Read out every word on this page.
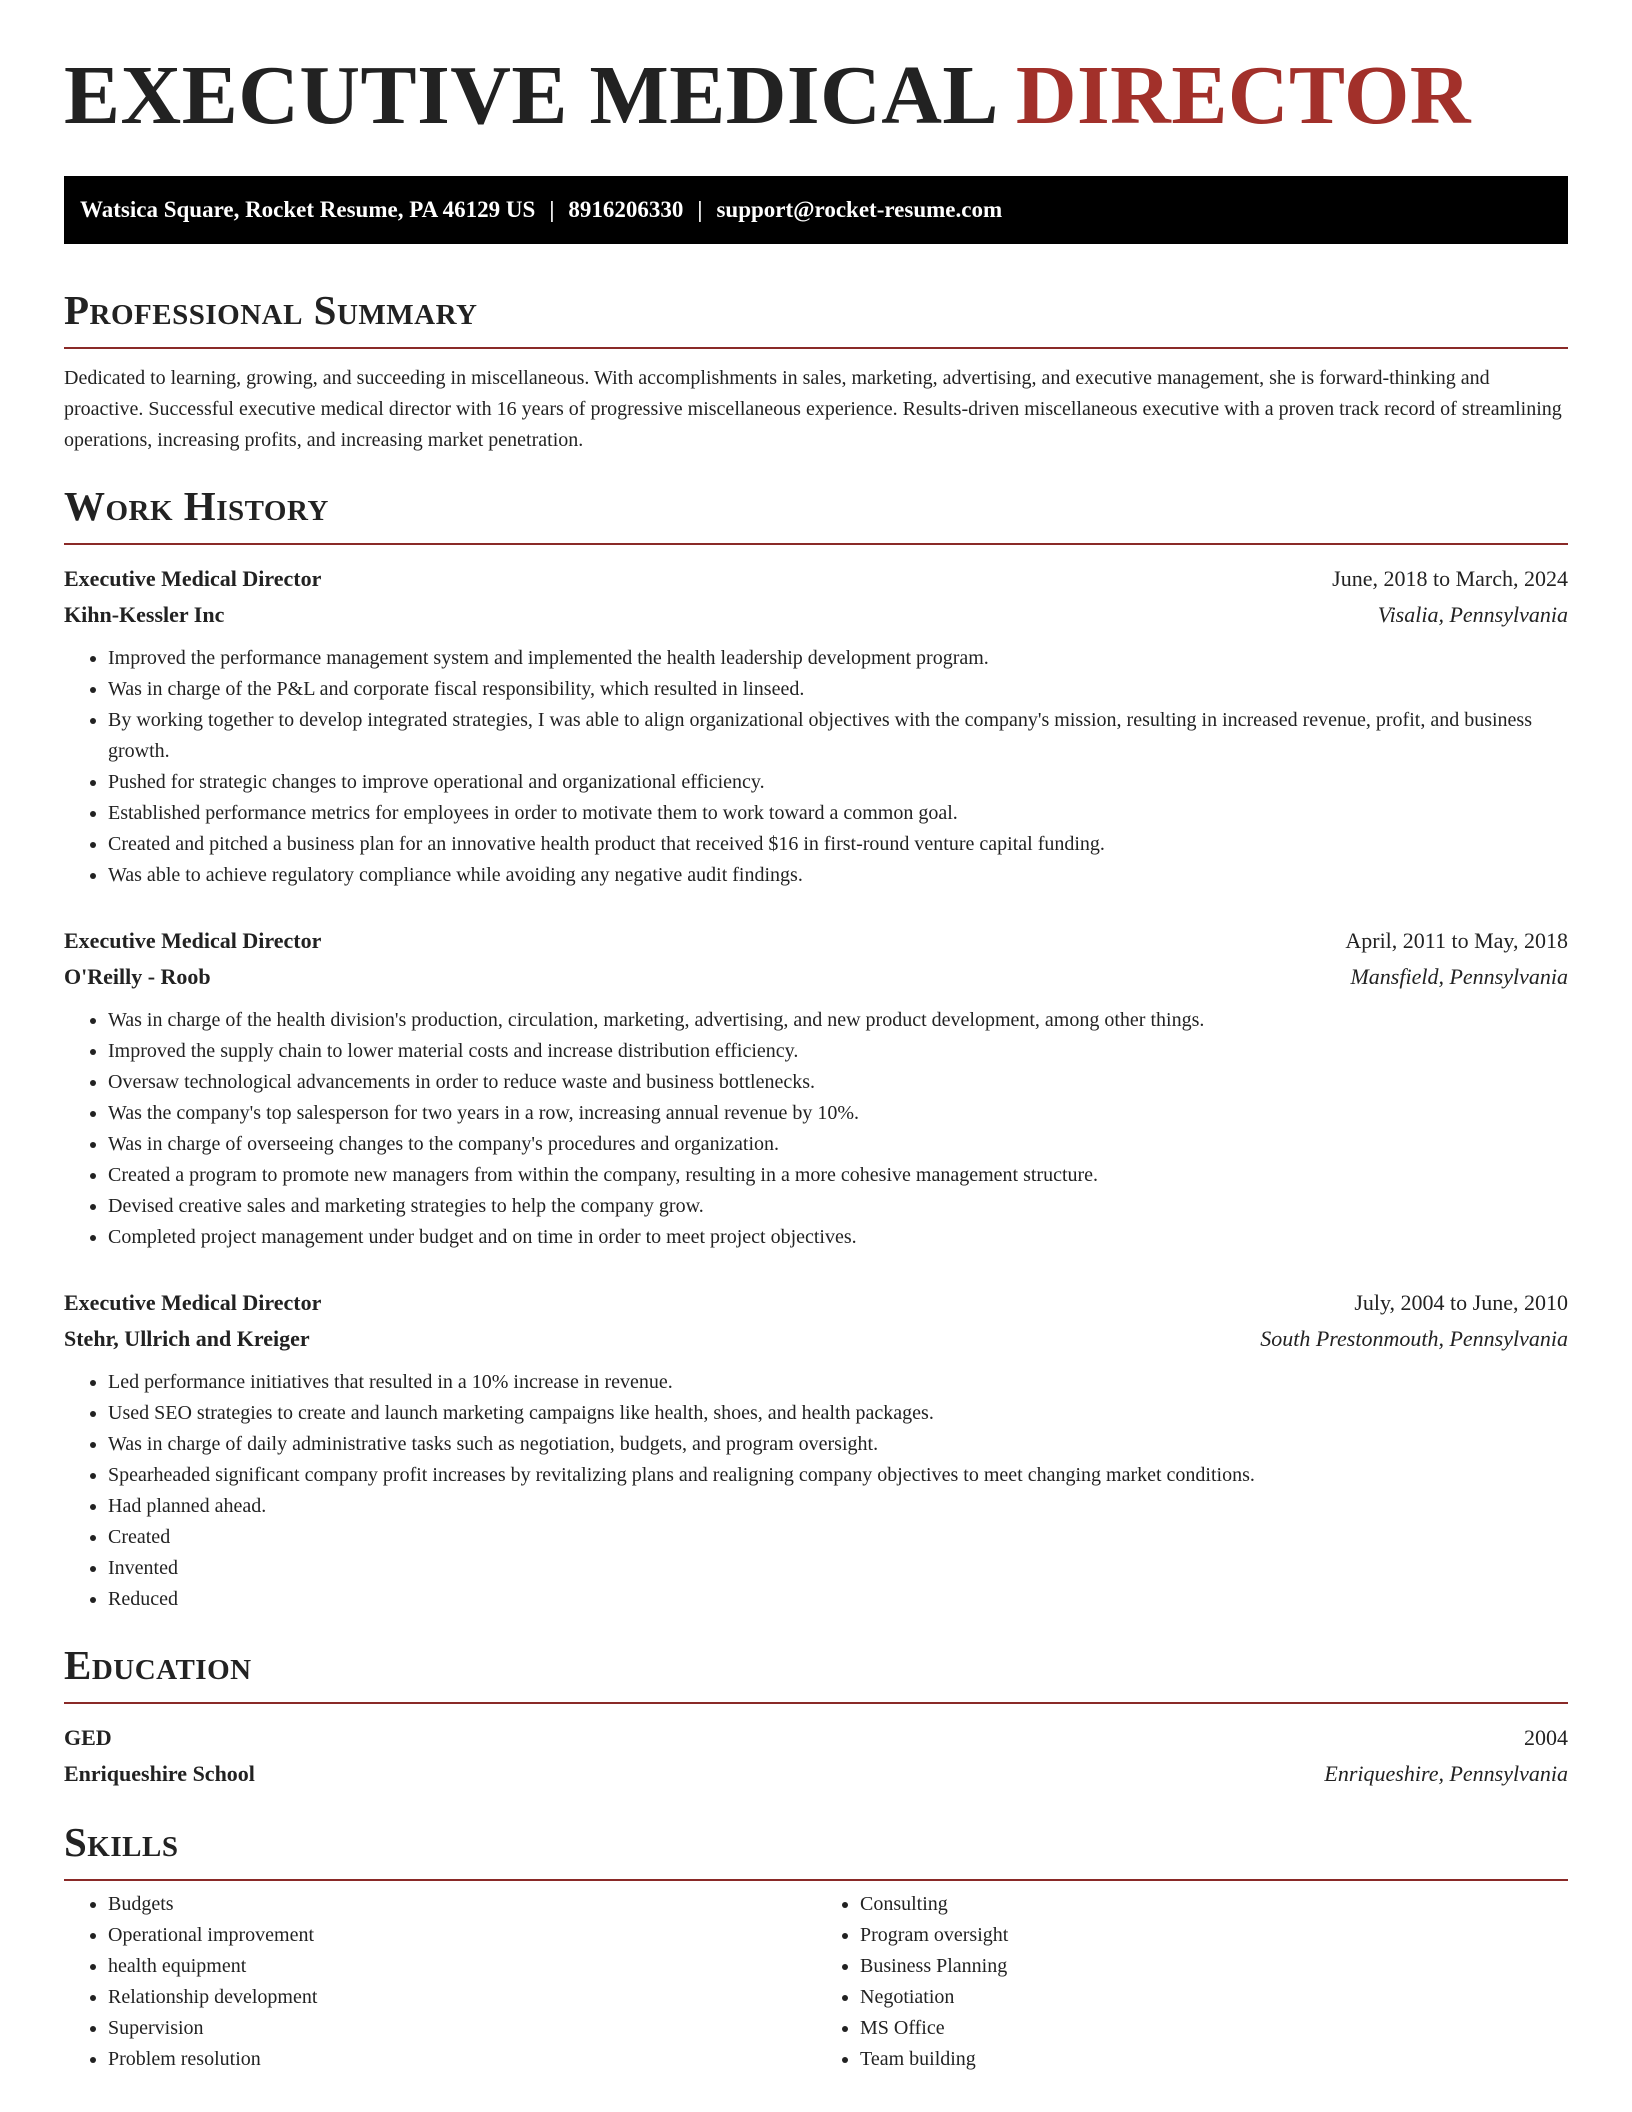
EXECUTIVE MEDICAL DIRECTOR
Watsica Square, Rocket Resume, PA 46129 US | 8916206330 | support@rocket-resume.com
Professional Summary

Dedicated to learning, growing, and succeeding in miscellaneous. With accomplishments in sales, marketing, advertising, and executive management, she is forward-thinking and proactive. Successful executive medical director with 16 years of progressive miscellaneous experience. Results-driven miscellaneous executive with a proven track record of streamlining operations, increasing profits, and increasing market penetration.

Work History
Executive Medical Director	June, 2018 to March, 2024
Kihn-Kessler Inc	Visalia, Pennsylvania
• Improved the performance management system and implemented the health leadership development program.
• Was in charge of the P&L and corporate fiscal responsibility, which resulted in linseed.
• By working together to develop integrated strategies, I was able to align organizational objectives with the company's mission, resulting in increased revenue, profit, and business growth.
• Pushed for strategic changes to improve operational and organizational efficiency.
• Established performance metrics for employees in order to motivate them to work toward a common goal.
• Created and pitched a business plan for an innovative health product that received $16 in first-round venture capital funding.
• Was able to achieve regulatory compliance while avoiding any negative audit findings.
Executive Medical Director	April, 2011 to May, 2018
O'Reilly - Roob	Mansfield, Pennsylvania
• Was in charge of the health division's production, circulation, marketing, advertising, and new product development, among other things.
• Improved the supply chain to lower material costs and increase distribution efficiency.
• Oversaw technological advancements in order to reduce waste and business bottlenecks.
• Was the company's top salesperson for two years in a row, increasing annual revenue by 10%.
• Was in charge of overseeing changes to the company's procedures and organization.
• Created a program to promote new managers from within the company, resulting in a more cohesive management structure.
• Devised creative sales and marketing strategies to help the company grow.
• Completed project management under budget and on time in order to meet project objectives.
Executive Medical Director	July, 2004 to June, 2010
Stehr, Ullrich and Kreiger	South Prestonmouth, Pennsylvania
• Led performance initiatives that resulted in a 10% increase in revenue.
• Used SEO strategies to create and launch marketing campaigns like health, shoes, and health packages.
• Was in charge of daily administrative tasks such as negotiation, budgets, and program oversight.
• Spearheaded significant company profit increases by revitalizing plans and realigning company objectives to meet changing market conditions.
• Had planned ahead.
• Created
• Invented
• Reduced
Education
GED	2004
Enriqueshire School	Enriqueshire, Pennsylvania
Skills
• Budgets
• Operational improvement
• health equipment
• Relationship development
• Supervision
• Problem resolution
• Consulting
• Program oversight
• Business Planning
• Negotiation
• MS Office
• Team building
